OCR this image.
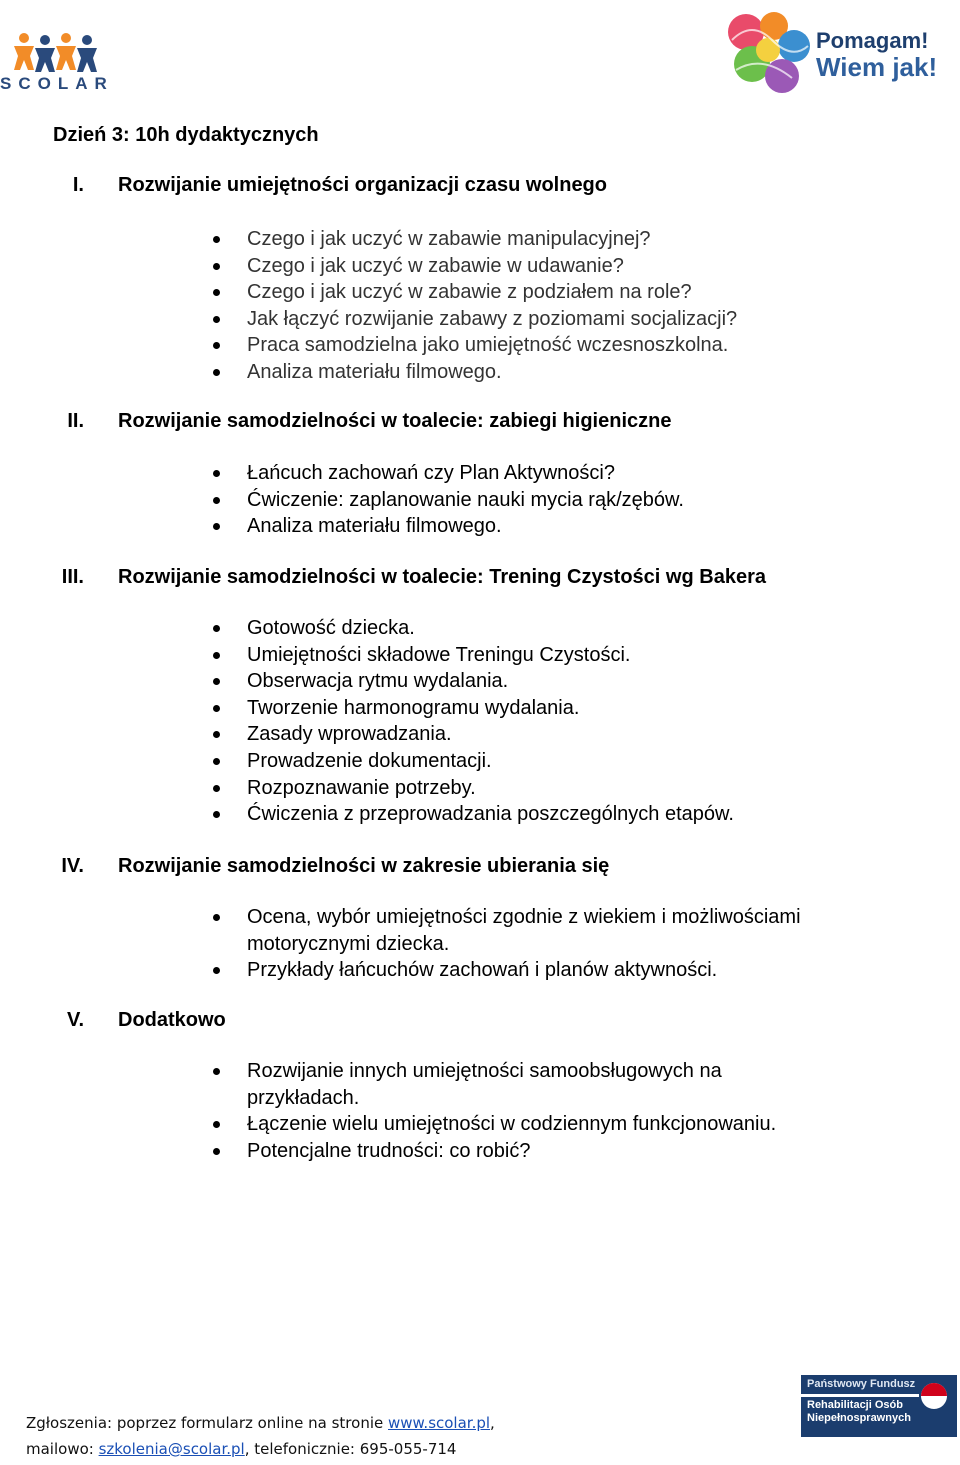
SCOLAR
Pomagam!
Wiem jak!
Dzień 3: 10h dydaktycznych
I. Rozwijanie umiejętności organizacji czasu wolnego
Czego i jak uczyć w zabawie manipulacyjnej?
Czego i jak uczyć w zabawie w udawanie?
Czego i jak uczyć w zabawie z podziałem na role?
Jak łączyć rozwijanie zabawy z poziomami socjalizacji?
Praca samodzielna jako umiejętność wczesnoszkolna.
Analiza materiału filmowego.
II. Rozwijanie samodzielności w toalecie: zabiegi higieniczne
Łańcuch zachowań czy Plan Aktywności?
Ćwiczenie: zaplanowanie nauki mycia rąk/zębów.
Analiza materiału filmowego.
III. Rozwijanie samodzielności w toalecie: Trening Czystości wg Bakera
Gotowość dziecka.
Umiejętności składowe Treningu Czystości.
Obserwacja rytmu wydalania.
Tworzenie harmonogramu wydalania.
Zasady wprowadzania.
Prowadzenie dokumentacji.
Rozpoznawanie potrzeby.
Ćwiczenia z przeprowadzania poszczególnych etapów.
IV. Rozwijanie samodzielności w zakresie ubierania się
Ocena, wybór umiejętności zgodnie z wiekiem i możliwościami motorycznymi dziecka.
Przykłady łańcuchów zachowań i planów aktywności.
V. Dodatkowo
Rozwijanie innych umiejętności samoobsługowych na przykładach.
Łączenie wielu umiejętności w codziennym funkcjonowaniu.
Potencjalne trudności: co robić?
Zgłoszenia: poprzez formularz online na stronie www.scolar.pl,
mailowo: szkolenia@scolar.pl, telefonicznie: 695-055-714
Państwowy Fundusz
Rehabilitacji Osób
Niepełnosprawnych
